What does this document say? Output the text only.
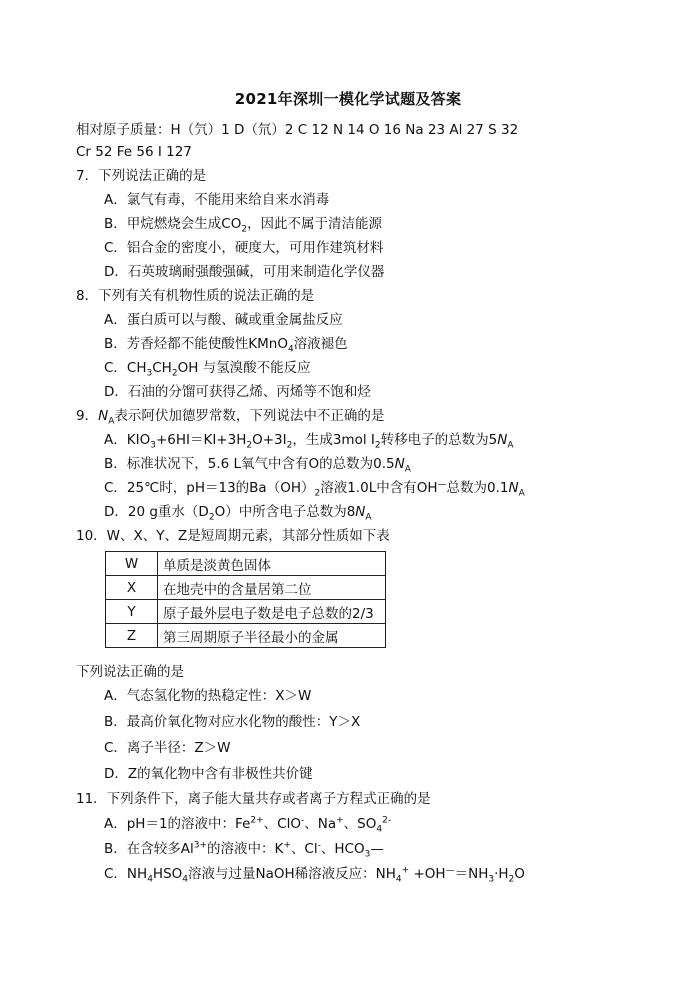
2021年深圳一模化学试题及答案
相对原子质量：H（氕）1 D（氘）2 C 12 N 14 O 16 Na 23 Al 27 S 32
Cr 52 Fe 56 I 127
7．下列说法正确的是
A．氯气有毒，不能用来给自来水消毒
B．甲烷燃烧会生成$CO_2$，因此不属于清洁能源
C．铝合金的密度小，硬度大，可用作建筑材料
D．石英玻璃耐强酸强碱，可用来制造化学仪器
8．下列有关有机物性质的说法正确的是
A．蛋白质可以与酸、碱或重金属盐反应
B．芳香烃都不能使酸性KMnO$_4$溶液褪色
C．$CH_3CH_2OH$ 与氢溴酸不能反应
D．石油的分馏可获得乙烯、丙烯等不饱和烃
9．$N_A$表示阿伏加德罗常数，下列说法中不正确的是
A．$KIO_3+6HI=KI+3H_2O+3I_2$，生成3mol $I_2$转移电子的总数为$5N_A$
B．标准状况下，5.6 L氧气中含有O的总数为$0.5N_A$
C．25℃时，pH＝13的$Ba(OH)_2$溶液1.0L中含有OH—总数为$0.1N_A$
D．20 g重水$(D_2O)$中所含电子总数为$8N_A$
10．W、X、Y、Z是短周期元素，其部分性质如下表
W	单质是淡黄色固体
X	在地壳中的含量居第二位
Y	原子最外层电子数是电子总数的2/3
Z	第三周期原子半径最小的金属
下列说法正确的是
A．气态氢化物的热稳定性：X＞W
B．最高价氧化物对应水化物的酸性：Y＞X
C．离子半径：Z＞W
D．Z的氧化物中含有非极性共价键
11．下列条件下，离子能大量共存或者离子方程式正确的是
A．pH＝1的溶液中：$Fe^{2+}$、ClO-、Na+、$SO_4^{2-}$
B．在含较多$Al^{3+}$的溶液中：K+、Cl-、$HCO_3—$
C．$NH_4HSO_4$溶液与过量NaOH稀溶液反应：$NH_4^+ +OH^—=NH_3\cdot H_2O$
